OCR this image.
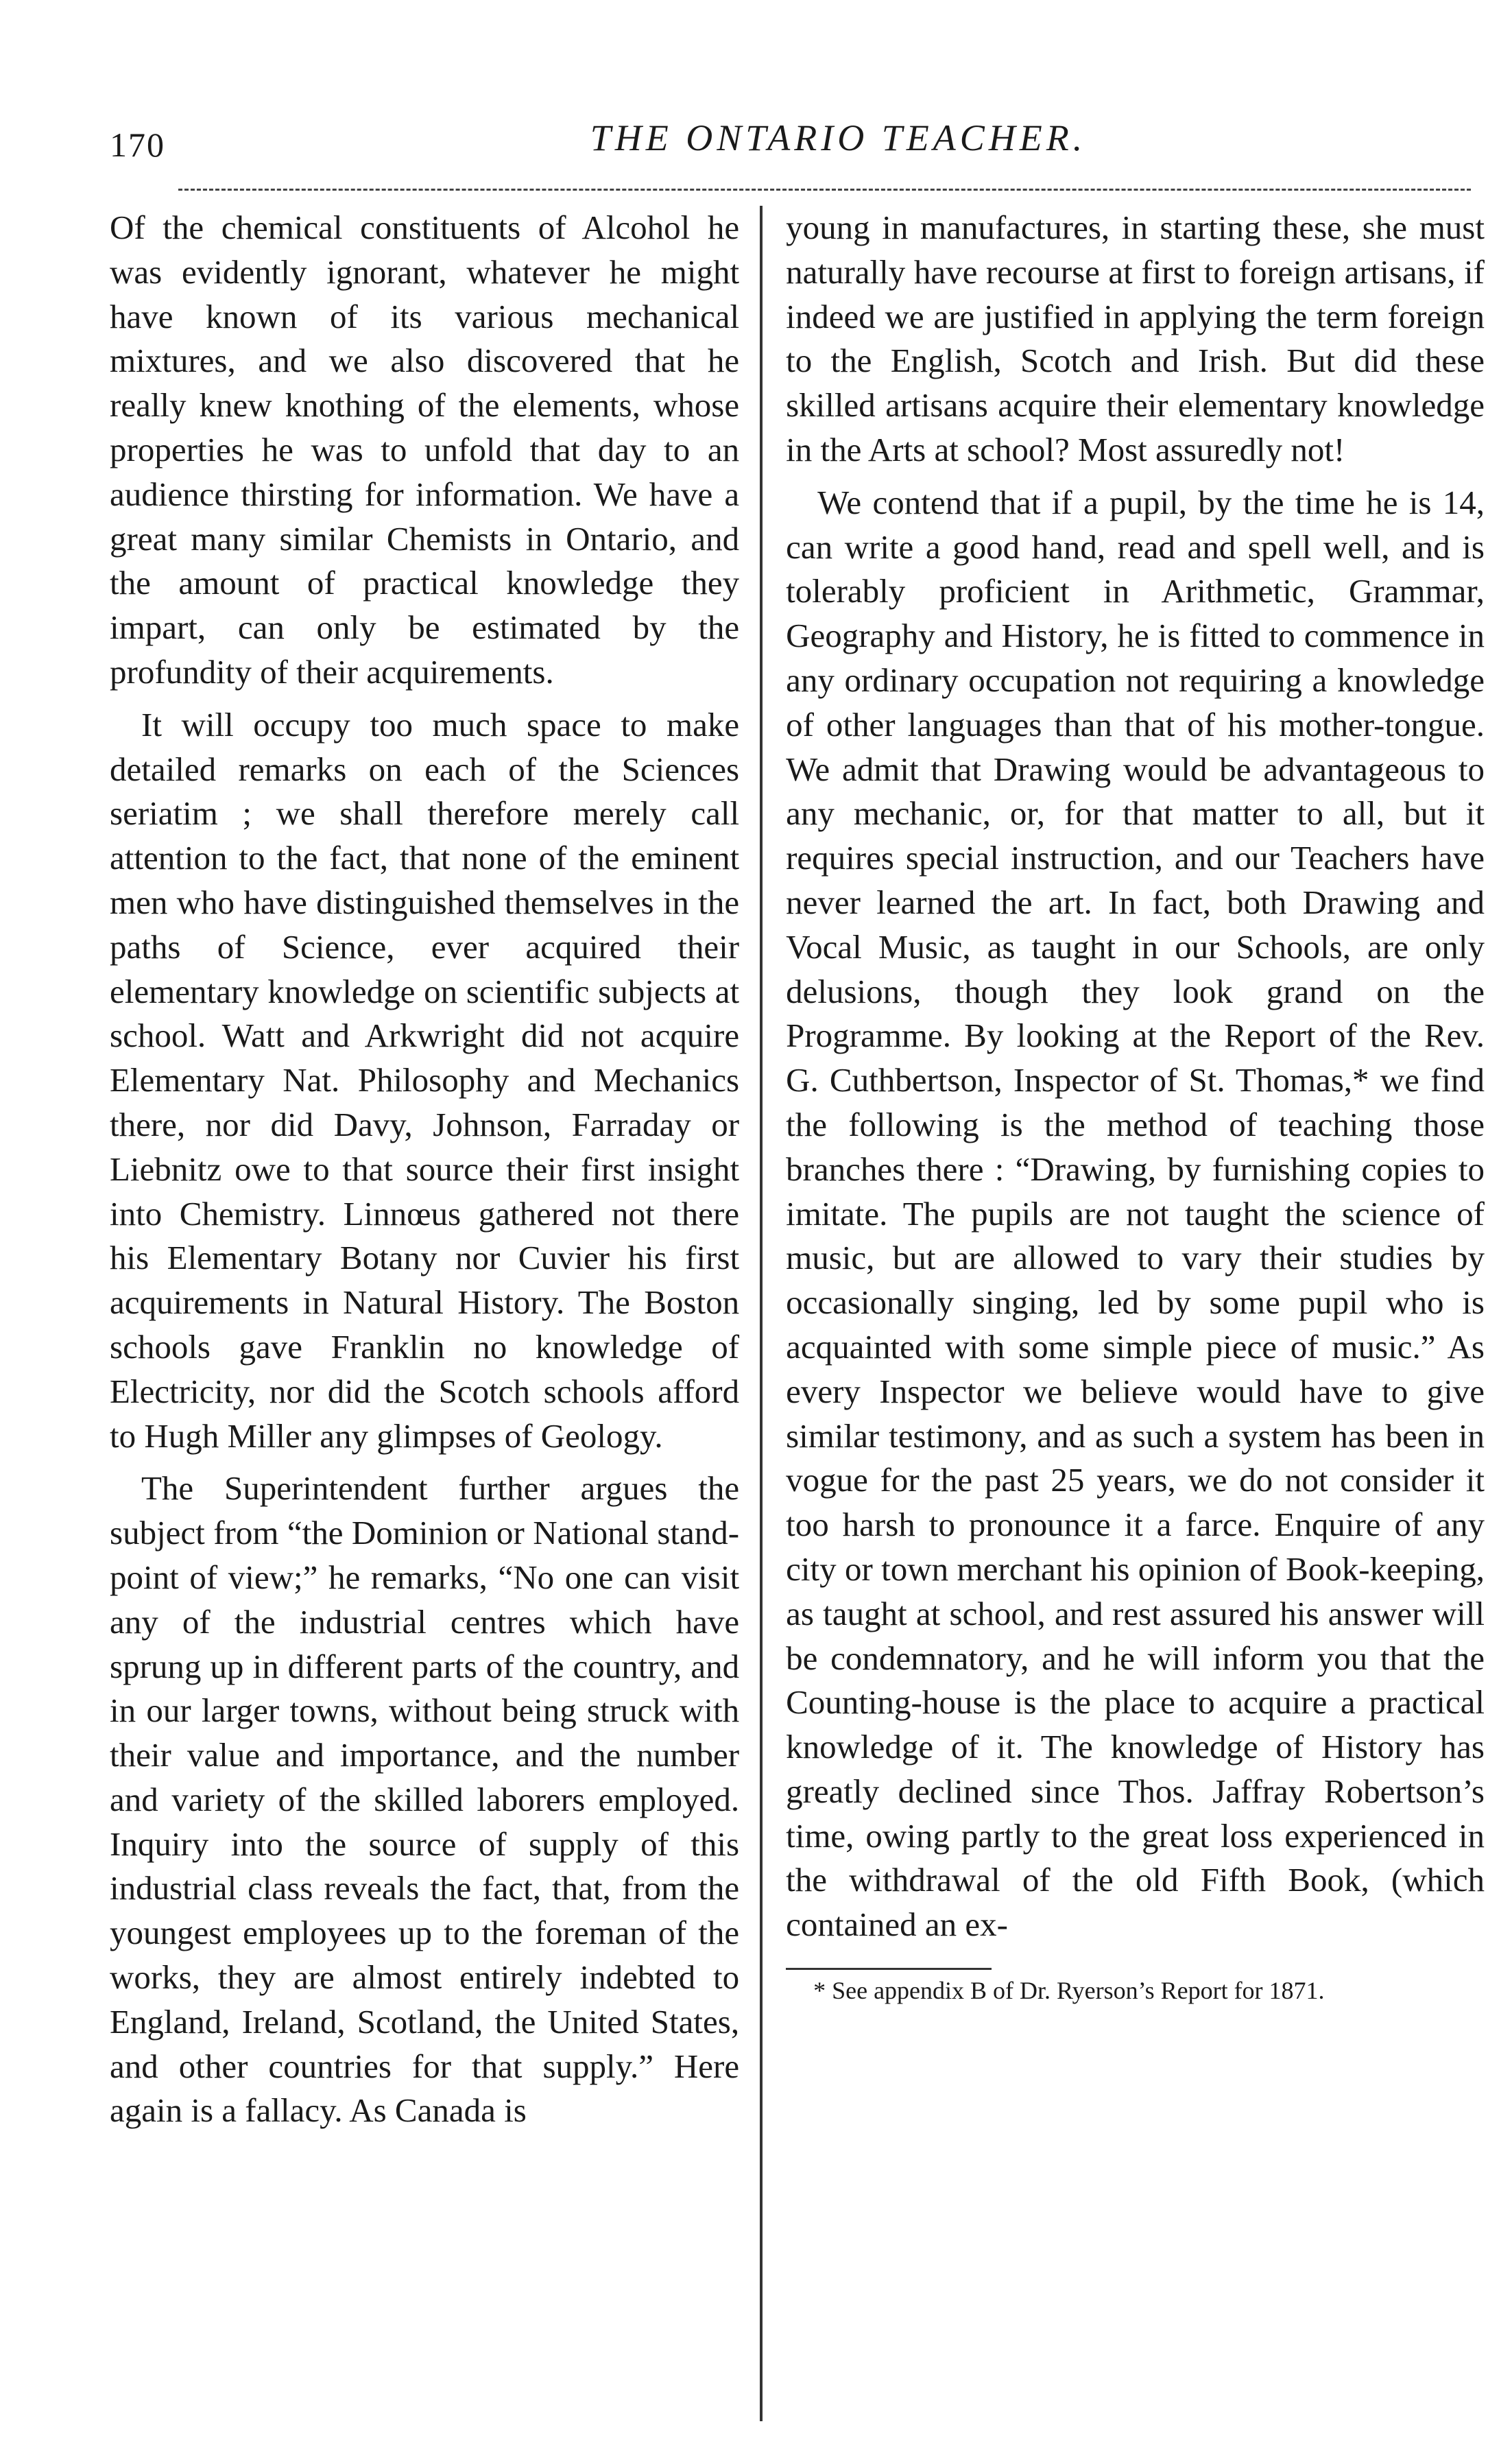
170	THE ONTARIO TEACHER.

Of the chemical constituents of Alcohol he was evidently ignorant, whatever he might have known of its various mechanical mixtures, and we also discovered that he really knew knothing of the elements, whose properties he was to unfold that day to an audience thirsting for information. We have a great many similar Chemists in Ontario, and the amount of practical knowledge they impart, can only be estimated by the profundity of their acquirements.

It will occupy too much space to make detailed remarks on each of the Sciences seriatim ; we shall therefore merely call attention to the fact, that none of the eminent men who have distinguished themselves in the paths of Science, ever acquired their elementary knowledge on scientific subjects at school. Watt and Arkwright did not acquire Elementary Nat. Philosophy and Mechanics there, nor did Davy, Johnson, Farraday or Liebnitz owe to that source their first insight into Chemistry. Linnœus gathered not there his Elementary Botany nor Cuvier his first acquirements in Natural History. The Boston schools gave Franklin no knowledge of Electricity, nor did the Scotch schools afford to Hugh Miller any glimpses of Geology.

The Superintendent further argues the subject from “the Dominion or National stand-point of view;” he remarks, “No one can visit any of the industrial centres which have sprung up in different parts of the country, and in our larger towns, without being struck with their value and importance, and the number and variety of the skilled laborers employed. Inquiry into the source of supply of this industrial class reveals the fact, that, from the youngest employees up to the foreman of the works, they are almost entirely indebted to England, Ireland, Scotland, the United States, and other countries for that supply.” Here again is a fallacy. As Canada is

young in manufactures, in starting these, she must naturally have recourse at first to foreign artisans, if indeed we are justified in applying the term foreign to the English, Scotch and Irish. But did these skilled artisans acquire their elementary knowledge in the Arts at school? Most assuredly not!

We contend that if a pupil, by the time he is 14, can write a good hand, read and spell well, and is tolerably proficient in Arithmetic, Grammar, Geography and History, he is fitted to commence in any ordinary occupation not requiring a knowledge of other languages than that of his mother-tongue. We admit that Drawing would be advantageous to any mechanic, or, for that matter to all, but it requires special instruction, and our Teachers have never learned the art. In fact, both Drawing and Vocal Music, as taught in our Schools, are only delusions, though they look grand on the Programme. By looking at the Report of the Rev. G. Cuthbertson, Inspector of St. Thomas,* we find the following is the method of teaching those branches there : “Drawing, by furnishing copies to imitate. The pupils are not taught the science of music, but are allowed to vary their studies by occasionally singing, led by some pupil who is acquainted with some simple piece of music.” As every Inspector we believe would have to give similar testimony, and as such a system has been in vogue for the past 25 years, we do not consider it too harsh to pronounce it a farce. Enquire of any city or town merchant his opinion of Book-keeping, as taught at school, and rest assured his answer will be condemnatory, and he will inform you that the Counting-house is the place to acquire a practical knowledge of it. The knowledge of History has greatly declined since Thos. Jaffray Robertson’s time, owing partly to the great loss experienced in the withdrawal of the old Fifth Book, (which contained an ex-

* See appendix B of Dr. Ryerson’s Report for 1871.
